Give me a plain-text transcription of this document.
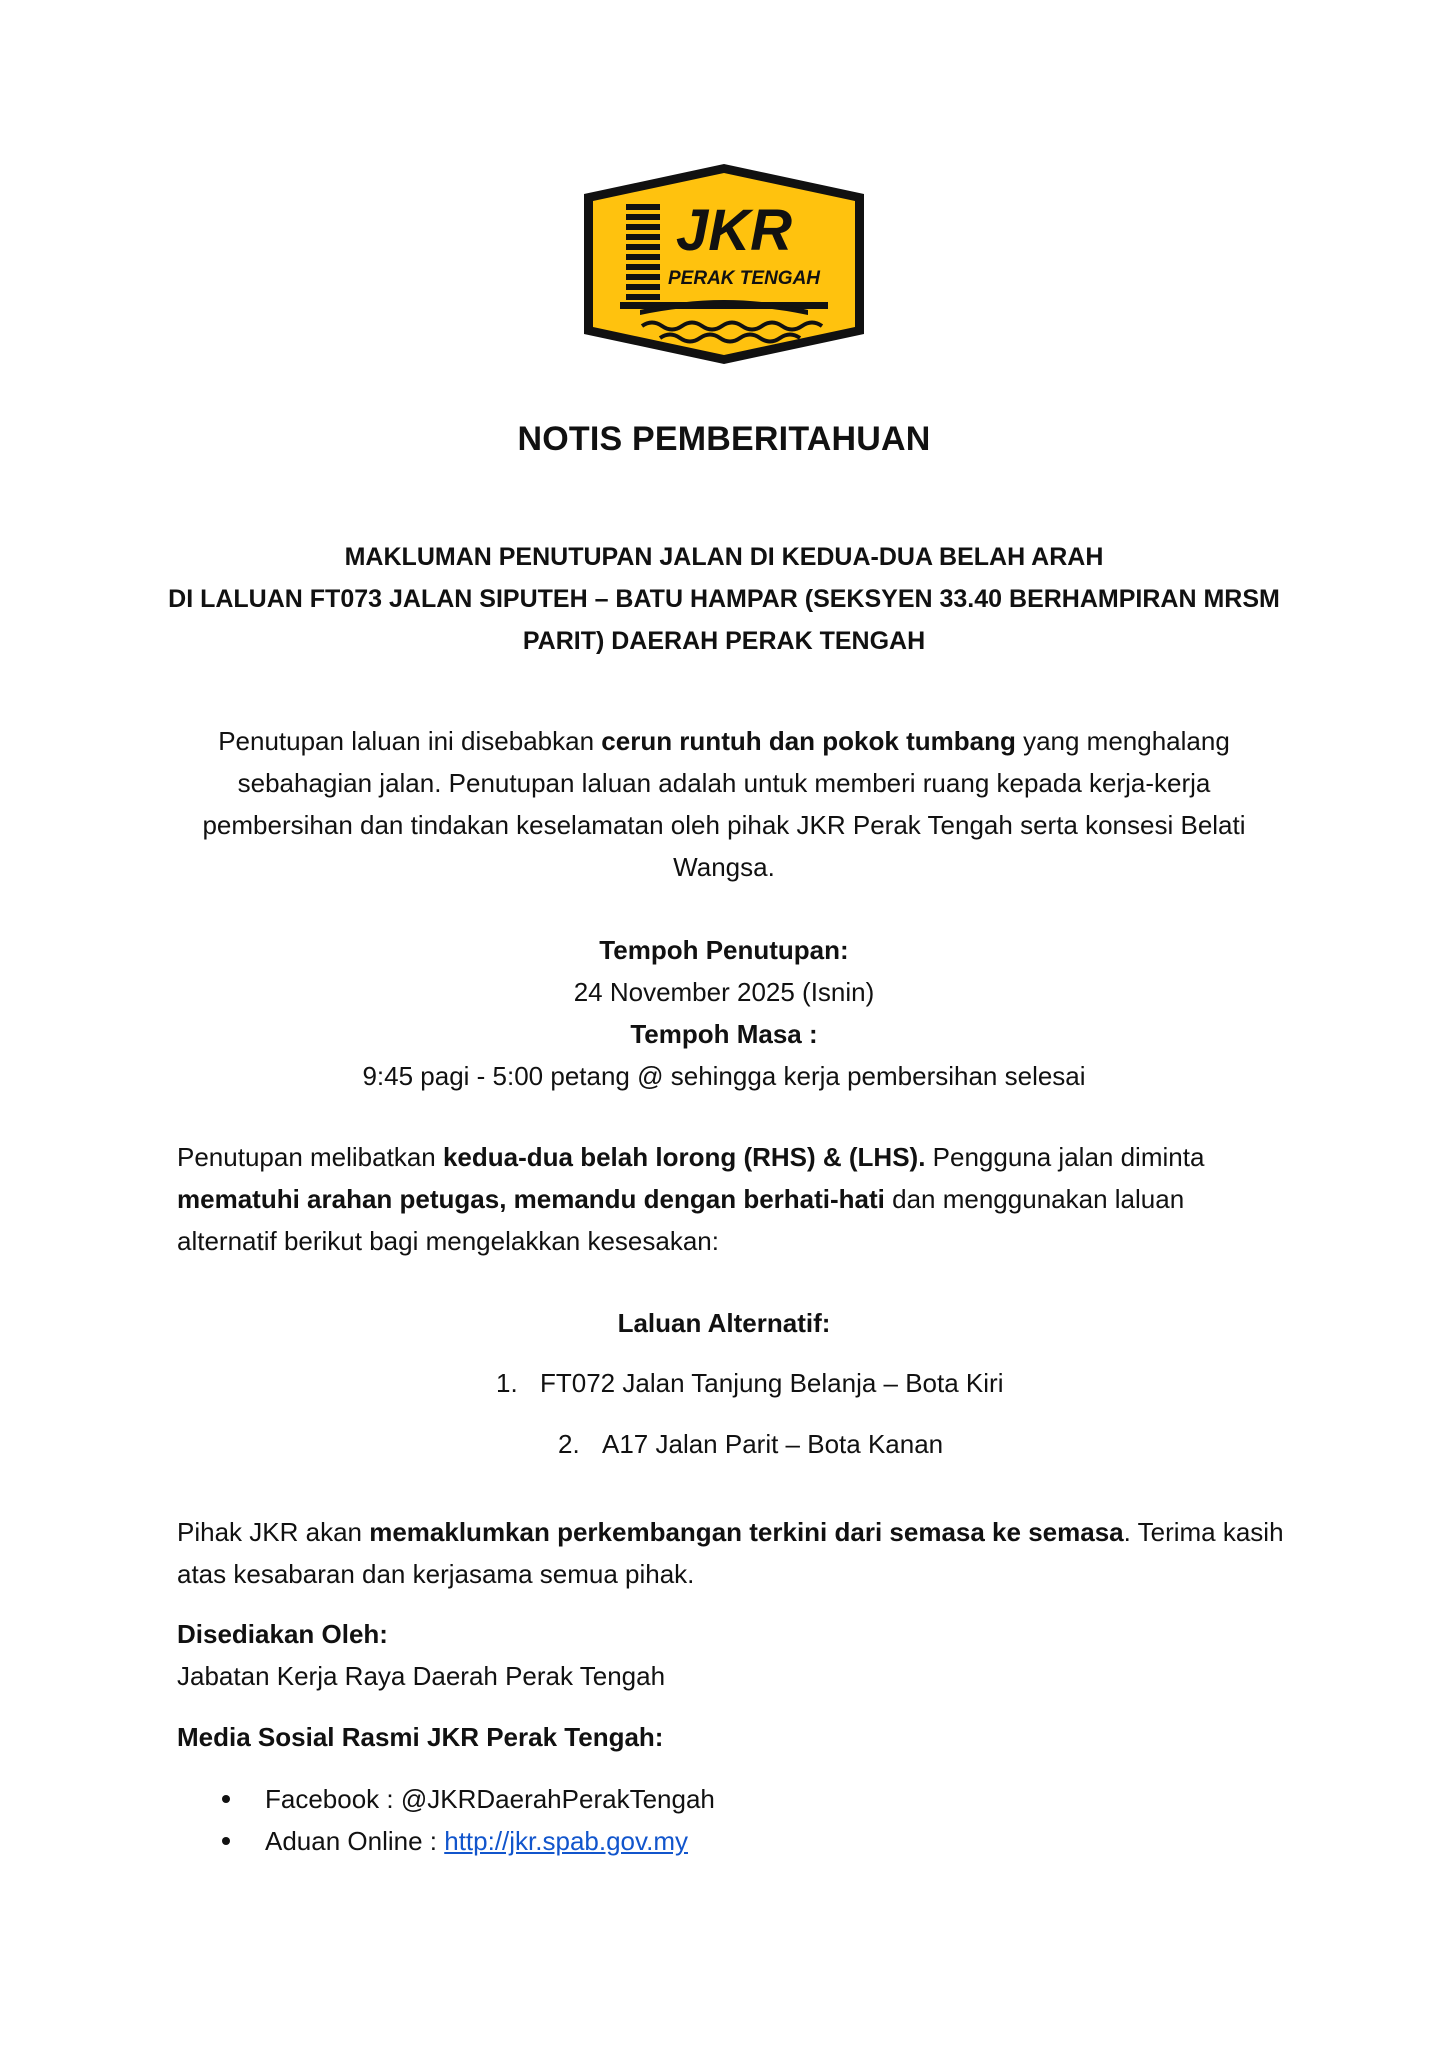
JKR
PERAK TENGAH
NOTIS PEMBERITAHUAN
MAKLUMAN PENUTUPAN JALAN DI KEDUA-DUA BELAH ARAH
DI LALUAN FT073 JALAN SIPUTEH – BATU HAMPAR (SEKSYEN 33.40 BERHAMPIRAN MRSM
PARIT) DAERAH PERAK TENGAH
Penutupan laluan ini disebabkan cerun runtuh dan pokok tumbang yang menghalang
sebahagian jalan. Penutupan laluan adalah untuk memberi ruang kepada kerja-kerja
pembersihan dan tindakan keselamatan oleh pihak JKR Perak Tengah serta konsesi Belati
Wangsa.
Tempoh Penutupan:
24 November 2025 (Isnin)
Tempoh Masa :
9:45 pagi - 5:00 petang @ sehingga kerja pembersihan selesai
Penutupan melibatkan kedua-dua belah lorong (RHS) & (LHS). Pengguna jalan diminta
mematuhi arahan petugas, memandu dengan berhati-hati dan menggunakan laluan
alternatif berikut bagi mengelakkan kesesakan:
Laluan Alternatif:
1. FT072 Jalan Tanjung Belanja – Bota Kiri
2. A17 Jalan Parit – Bota Kanan
Pihak JKR akan memaklumkan perkembangan terkini dari semasa ke semasa. Terima kasih
atas kesabaran dan kerjasama semua pihak.
Disediakan Oleh:
Jabatan Kerja Raya Daerah Perak Tengah
Media Sosial Rasmi JKR Perak Tengah:
Facebook : @JKRDaerahPerakTengah
Aduan Online : http://jkr.spab.gov.my
